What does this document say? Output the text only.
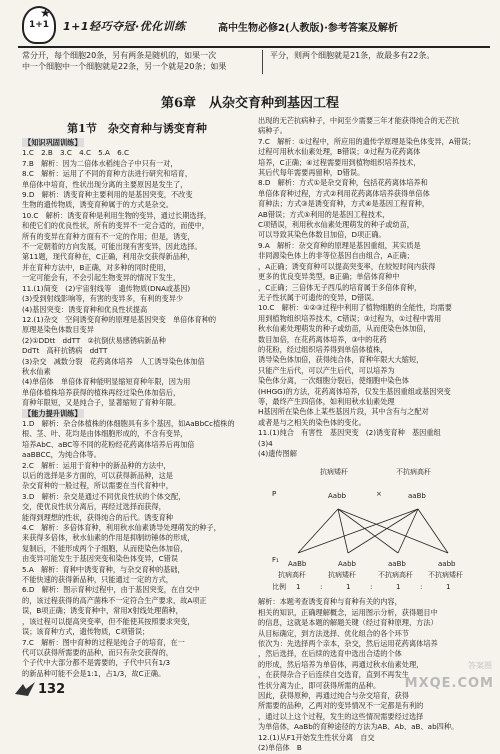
1+1
★
1+1轻巧夺冠·优化训练	高中生物必修2(人教版)·参考答案及解析
常分开，每个细胞20条，另有两条是随机的，如果一次
中一个细胞中一个细胞就是22条，另一个就是20条；如果
平分，则两个细胞就是21条，故最多有22条。
第6章　从杂交育种到基因工程
第1节　杂交育种与诱变育种
【知识巩固训练】
1.C　2.B　3.C　4.C　5.A　6.C
7.B　解析：因为二倍体水稻纯合子中只有一对，
8.C　解析：运用了不同的育种方法进行研究和培育，
单倍体中培育，性状出现分离的主要原因是发生了，
9.D　解析：诱变育种主要利用的是基因突变，不改变
生物的遗传物质，诱变育种属于的方式是杂交。
10.C　解析：诱变育种是利用生物的变异，通过长期选择，
和使它们的优良性状，所有的变异不一定合适的，而使中，
所有的变异在育种方面有不一定的作用；但是，诱变，
不一定朝着的方向发展，可能出现有害变异，因此选择。
第11题，现代育种在，C正确，利用杂交获得新品种，
并在育种方法中，B正确，对多种的同时使用，
一定可能会有，不会引起生物变异的情况下发生，
11.(1)简变　(2)宇宙射线等　遗传物质(DNA或基因)
(3)受到射线影响等，有害的变异多，有利的变异少
(4)基因突变：诱变育种和优良性状提高
12.(1)杂交　空间诱变育种的原理是基因突变　单倍体育种的
原理是染色体数目变异
(2)①DDtt　ddTT　②抗倒伏易感锈病新品种
DdTt　高秆抗锈病　ddTT
(3)杂交　减数分裂　花药离体培养　人工诱导染色体加倍
秋水仙素
(4)单倍体　单倍体育种能明显缩短育种年限，因为用
单倍体植株培养获得的植株再经过染色体加倍后，
育种年限短，又是纯合子，显著缩短了育种年限。
【能力提升训练】
1.D　解析：杂合体植株的体细胞具有多个基因，如AaBbCc植株的
根、茎、叶、花均是由体细胞形成的，不含有变异，
培养AbC、aBC等不同的花粉经花药离体培养后再加倍
aaBBCC，为纯合体等。
2.C　解析：运用于育种中的新品种的方法中，
以后的选择是多方面的，可以获得新品种，这是
杂交育种的一般过程，所以需要在当代育种中，
3.D　解析：杂交是通过不同优良性状的个体交配，
交，使优良性状分离后，再经过选择而获得，
能得到理想的性状，获得纯合的后代。诱变育种
4.C　解析：多倍体育种，利用秋水仙素诱导处理萌发的种子，
来获得多倍体，秋水仙素的作用是抑制纺锤体的形成，
复制后，不能形成两个子细胞，从而使染色体加倍，
由变异可能发生于基因突变和染色体变异，C错误
5.A　解析：育种中诱变育种，与杂交育种的基础，
不能快速的获得新品种，只能通过一定的方式，
6.D　解析：图示育种过程中，由于基因突变，在自交中
的，该过程获得的高产菌株不一定符合生产要求，故A项正
误，B项正确；诱变育种中，常用X射线处理菌种，
，该过程可以提高突变率，但不能使其按照要求突变，
误；该育种方式，遗传物质，C项错误；
7.C　解析：图中育种的过程是纯合子的培育，在一
代可以获得所需要的品种，而只有杂交获得的，
个子代中大部分都不是需要的，子代中只有1/3
的新品种可能不会是1:1，占1/3，故C正确。
出现的无芒抗病种子，中间至少需要三年才能获得纯合的无芒抗
病种子。
7.C　解析：①过程中，所应用的遗传学原理是染色体变异，A错误；
过程可用秋水仙素处理，B错误；③过程为花药离体
培养，C正确；④过程需要用到植物组织培养技术，
其后代每年需要再留种，D错误。
8.D　解析：方式①是杂交育种，包括花药离体培养和
单倍体育种过程，方式②利用花药离体培养获得单倍体
育种法；方式③是诱变育种，方式④是基因工程育种，
AB错误；方式⑤利用的是基因工程技术，
C项错误，利用秋水仙素处理萌发的种子或幼苗，
可以导致其染色体数目加倍，D项正确。
9.A　解析：杂交育种的原理是基因重组，其实质是
非同源染色体上的非等位基因自由组合，A正确；
，A正确；诱变育种可以提高突变率，在较短时间内获得
更多的优良变异类型，B正确；单倍体育种中
，C正确；三倍体无子西瓜的培育属于多倍体育种，
无子性状属于可遗传的变异，D错误。
10.C　解析：①②③过程中利用了植物细胞的全能性，均需要
用到植物组织培养技术，C错误；③过程为，①过程中需用
秋水仙素处理萌发的种子或幼苗，从而使染色体加倍，
数目加倍，在花药离体培养，③中的花药
的花粉，经过组织培养得到单倍体植株，
诱导染色体加倍，获得纯合体，育种年限大大缩短，
只能产生后代，可以产生后代，可以培养为
染色体分离，一次细胞分裂后，使细胞中染色体
(HHGG)的方法，花药离体培养，仅发生基因重组或基因突变
等，最终产生四倍体，如利用秋水仙素处理
H基因所在染色体上某些基因片段，其中含有与之配对
或者是与之相关的染色体的变化。
11.(1)纯合　有害性　基因突变　(2)诱变育种　基因重组
(3)4
(4)遗传图解
抗病矮秆	不抗病高秆
P	Aabb	×	aaBb
F₁ AaBb	Aabb	aaBb	aabb
抗病高秆	抗病矮秆	不抗病高秆 不抗病矮秆
比例 1	:	1	:	1	:	1
解析：本题考查诱变育种与育种有关的内容，
相关的知识，正确理解概念，运用图示分析，获得题目中
的信息，这就是本题的解题关键（经过育种原理、方法）
从目标确定，到方法选择、优化组合的各个环节
依次为：先选择两个亲本，杂交，然后运用花药离体培养
，然后选择，在后续的选育中选出合适的个体
的形成，然后培养为单倍体，再通过秋水仙素处理，
，在获得杂合子后连续自交选育，直到不再发生
性状分离为止，即可获得所需的品种。
因此，获得原种，再通过纯合与杂交培育，获得
所需要的品种，乙两对的变异情况不一定都是有利的
，通过以上这个过程，发生的这些情况需要经过选择
为单倍体，AaBb的育种途径的方法为AB、Ab、aB、ab四种。
12.(1)从F1开始发生性状分离　自交
(2)单倍体　B
132
答案圈
MXQE.COM
